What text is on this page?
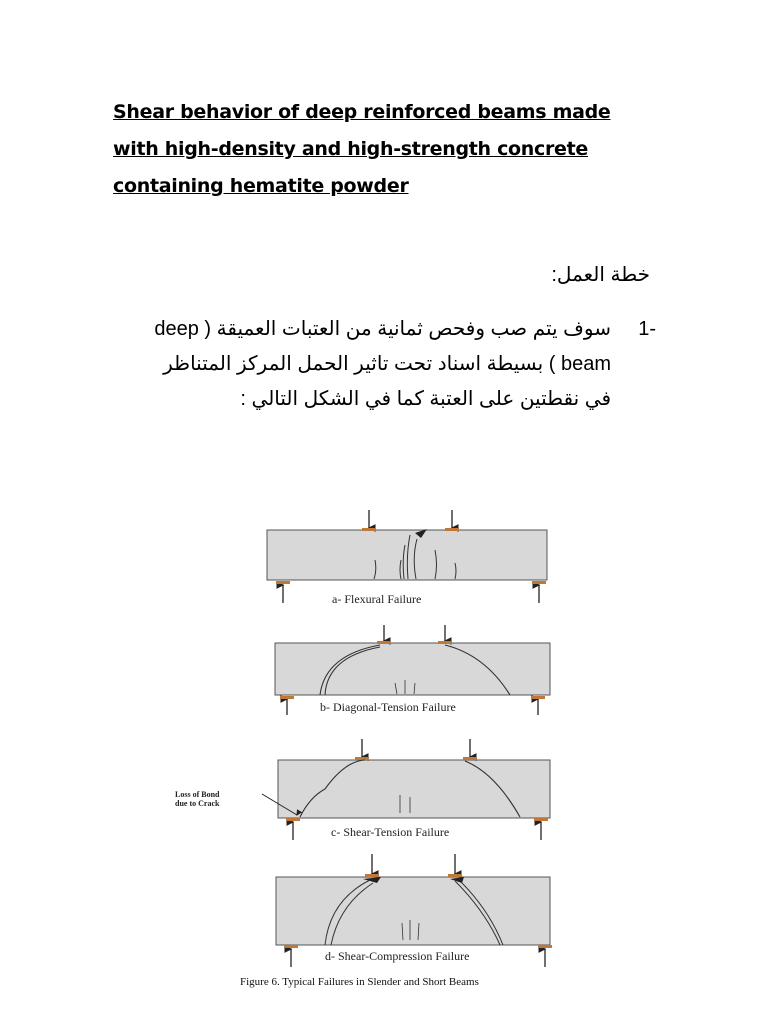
Shear behavior of deep reinforced beams made
with high-density and high-strength concrete
containing hematite powder
خطة العمل:
1-
سوف يتم صب وفحص ثمانية من العتبات العميقة ( deep
beam ) بسيطة اسناد تحت تاثير الحمل المركز المتناظر
في نقطتين على العتبة كما في الشكل التالي :
a- Flexural Failure
b- Diagonal-Tension Failure
Loss of Bond
due to Crack
c- Shear-Tension Failure
d- Shear-Compression Failure
Figure 6. Typical Failures in Slender and Short Beams
